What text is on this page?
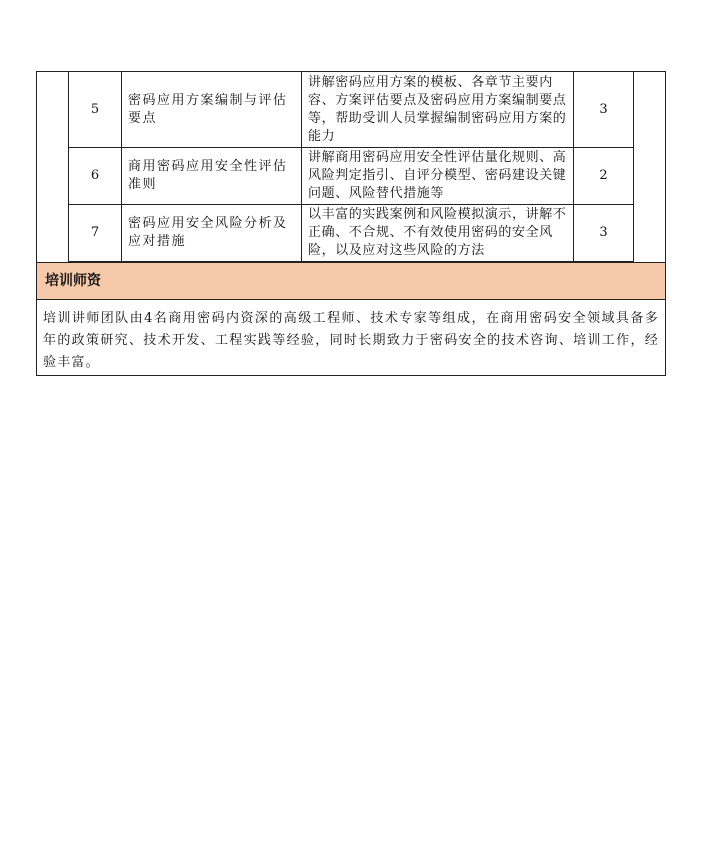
5	密码应用方案编制与评估要点	讲解密码应用方案的模板、各章节主要内容、方案评估要点及密码应用方案编制要点等，帮助受训人员掌握编制密码应用方案的能力	3
6	商用密码应用安全性评估准则	讲解商用密码应用安全性评估量化规则、高风险判定指引、自评分模型、密码建设关键问题、风险替代措施等	2
7	密码应用安全风险分析及应对措施	以丰富的实践案例和风险模拟演示，讲解不正确、不合规、不有效使用密码的安全风险，以及应对这些风险的方法	3
培训师资
培训讲师团队由4名商用密码内资深的高级工程师、技术专家等组成，在商用密码安全领域具备多年的政策研究、技术开发、工程实践等经验，同时长期致力于密码安全的技术咨询、培训工作，经验丰富。
